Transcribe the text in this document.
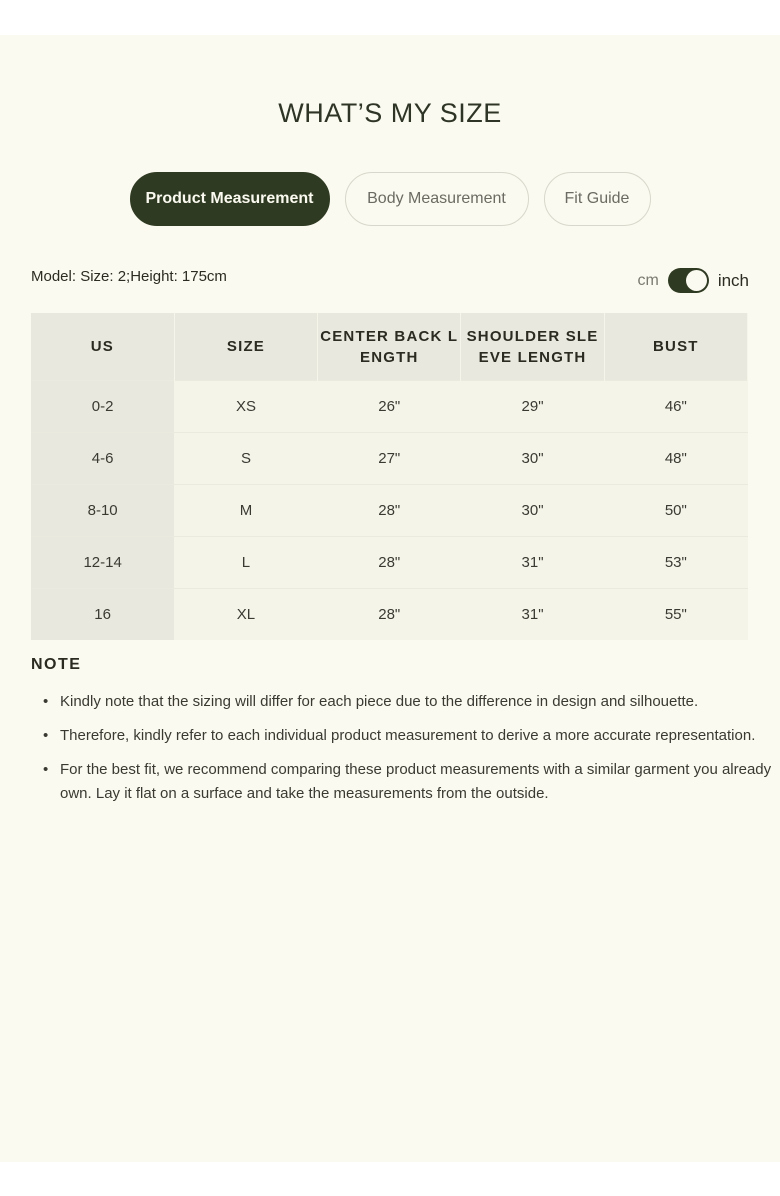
WHAT’S MY SIZE
Product Measurement	Body Measurement	Fit Guide
Model: Size: 2;Height: 175cm	cm	inch
US	SIZE	CENTER BACK LENGTH	SHOULDER SLEEVE LENGTH	BUST
0-2	XS	26"	29"	46"
4-6	S	27"	30"	48"
8-10	M	28"	30"	50"
12-14	L	28"	31"	53"
16	XL	28"	31"	55"
NOTE
• Kindly note that the sizing will differ for each piece due to the difference in design and silhouette.
• Therefore, kindly refer to each individual product measurement to derive a more accurate representation.
• For the best fit, we recommend comparing these product measurements with a similar garment you already own. Lay it flat on a surface and take the measurements from the outside.
